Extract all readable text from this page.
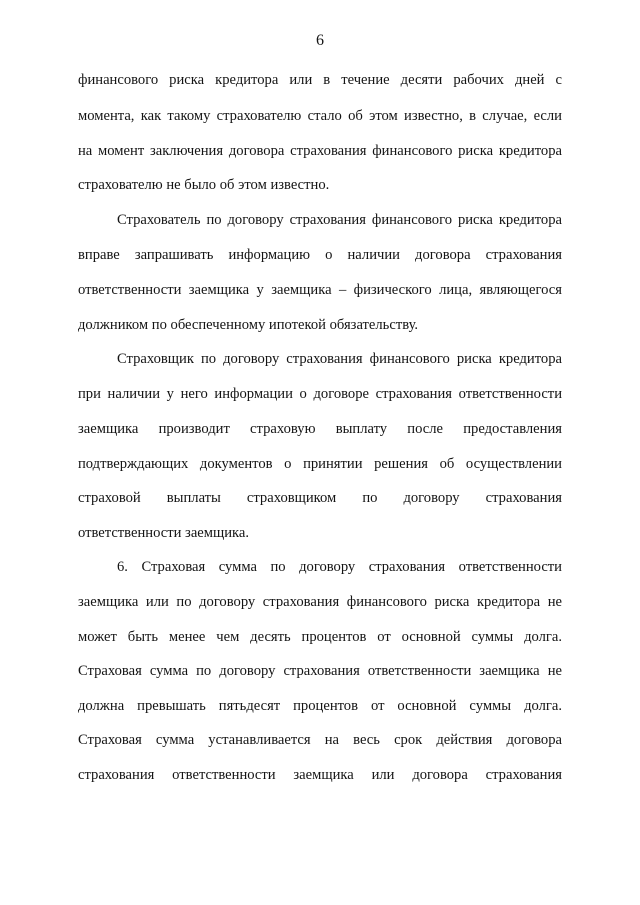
6
финансового риска кредитора или в течение десяти рабочих дней с
момента, как такому страхователю стало об этом известно, в случае, если
на момент заключения договора страхования финансового риска кредитора
страхователю не было об этом известно.
Страхователь по договору страхования финансового риска кредитора
вправе запрашивать информацию о наличии договора страхования
ответственности заемщика у заемщика – физического лица, являющегося
должником по обеспеченному ипотекой обязательству.
Страховщик по договору страхования финансового риска кредитора
при наличии у него информации о договоре страхования ответственности
заемщика производит страховую выплату после предоставления
подтверждающих документов о принятии решения об осуществлении
страховой выплаты страховщиком по договору страхования
ответственности заемщика.
6. Страховая сумма по договору страхования ответственности
заемщика или по договору страхования финансового риска кредитора не
может быть менее чем десять процентов от основной суммы долга.
Страховая сумма по договору страхования ответственности заемщика не
должна превышать пятьдесят процентов от основной суммы долга.
Страховая сумма устанавливается на весь срок действия договора
страхования ответственности заемщика или договора страхования
